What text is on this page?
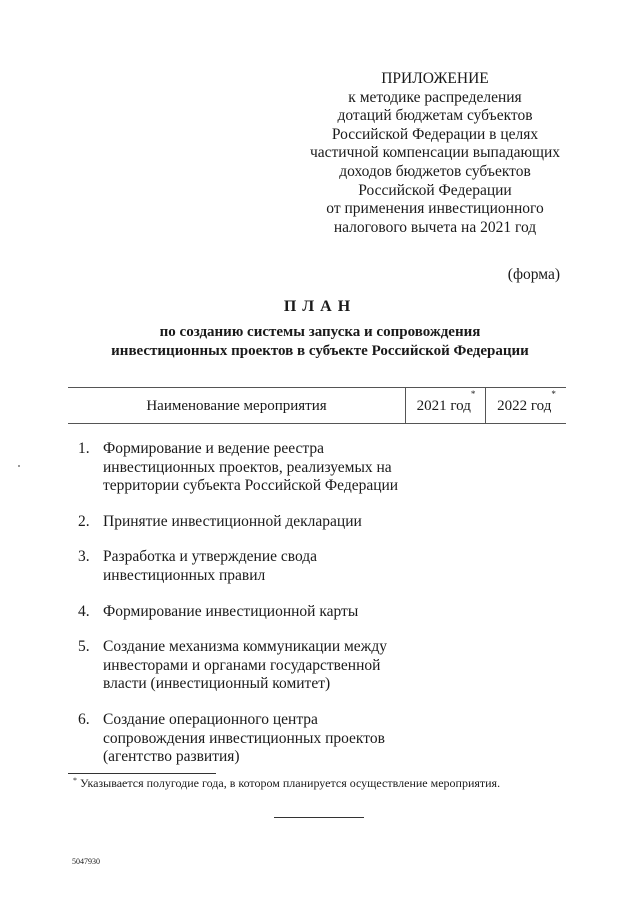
ПРИЛОЖЕНИЕ
к методике распределения
дотаций бюджетам субъектов
Российской Федерации в целях
частичной компенсации выпадающих
доходов бюджетов субъектов
Российской Федерации
от применения инвестиционного
налогового вычета на 2021 год
(форма)
ПЛАН
по созданию системы запуска и сопровождения
инвестиционных проектов в субъекте Российской Федерации
Наименование мероприятия	2021 год*
2022 год*
1. Формирование и ведение реестра
инвестиционных проектов, реализуемых на
территории субъекта Российской Федерации
2. Принятие инвестиционной декларации
3. Разработка и утверждение свода
инвестиционных правил
4. Формирование инвестиционной карты
5. Создание механизма коммуникации между
инвесторами и органами государственной
власти (инвестиционный комитет)
6. Создание операционного центра
сопровождения инвестиционных проектов
(агентство развития)
* Указывается полугодие года, в котором планируется осуществление мероприятия.
5047930
